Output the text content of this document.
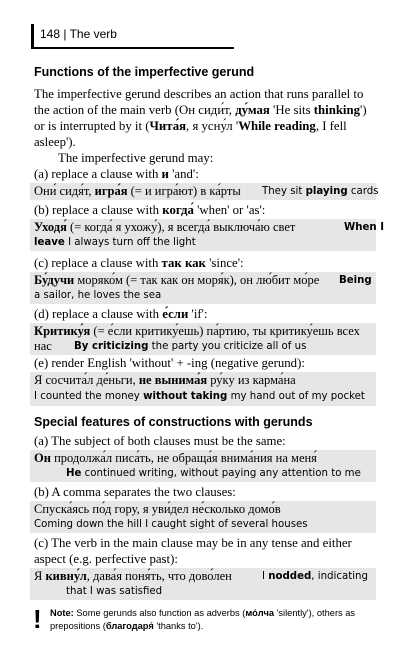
148 | The verb
Functions of the imperfective gerund
The imperfective gerund describes an action that runs parallel to
the action of the main verb (Он сиди́т, ду́мая 'He sits thinking')
or is interrupted by it (Чита́я, я усну́л 'While reading, I fell
asleep').
The imperfective gerund may:
(a) replace a clause with и 'and':
Они́ сидя́т, игра́я (= и игра́ют) в ка́рты They sit playing cards
(b) replace a clause with когда́ 'when' or 'as':
Уходя́ (= когда́ я ухожу́), я всегда́ выключа́ю свет	When I
leave I always turn off the light
(c) replace a clause with так как 'since':
Бу́дучи моряко́м (= так как он моря́к), он лю́бит мо́ре Being
a sailor, he loves the sea
(d) replace a clause with е́сли 'if':
Критику́я (= е́сли критику́ешь) па́ртию, ты критику́ешь всех
нас By criticizing the party you criticize all of us
(e) render English 'without' + -ing (negative gerund):
Я сосчита́л де́ньги, не вынима́я ру́ку из карма́на
I counted the money without taking my hand out of my pocket
Special features of constructions with gerunds
(a) The subject of both clauses must be the same:
Он продолжа́л писа́ть, не обраща́я внима́ния на меня́
He continued writing, without paying any attention to me
(b) A comma separates the two clauses:
Спуска́ясь по́д гору, я уви́дел не́сколько домо́в
Coming down the hill I caught sight of several houses
(c) The verb in the main clause may be in any tense and either
aspect (e.g. perfective past):
Я кивну́л, дава́я поня́ть, что дово́лен	I nodded, indicating
that I was satisfied
! Note: Some gerunds also function as adverbs (мо́лча 'silently'), others as
prepositions (благодаря́ 'thanks to').
